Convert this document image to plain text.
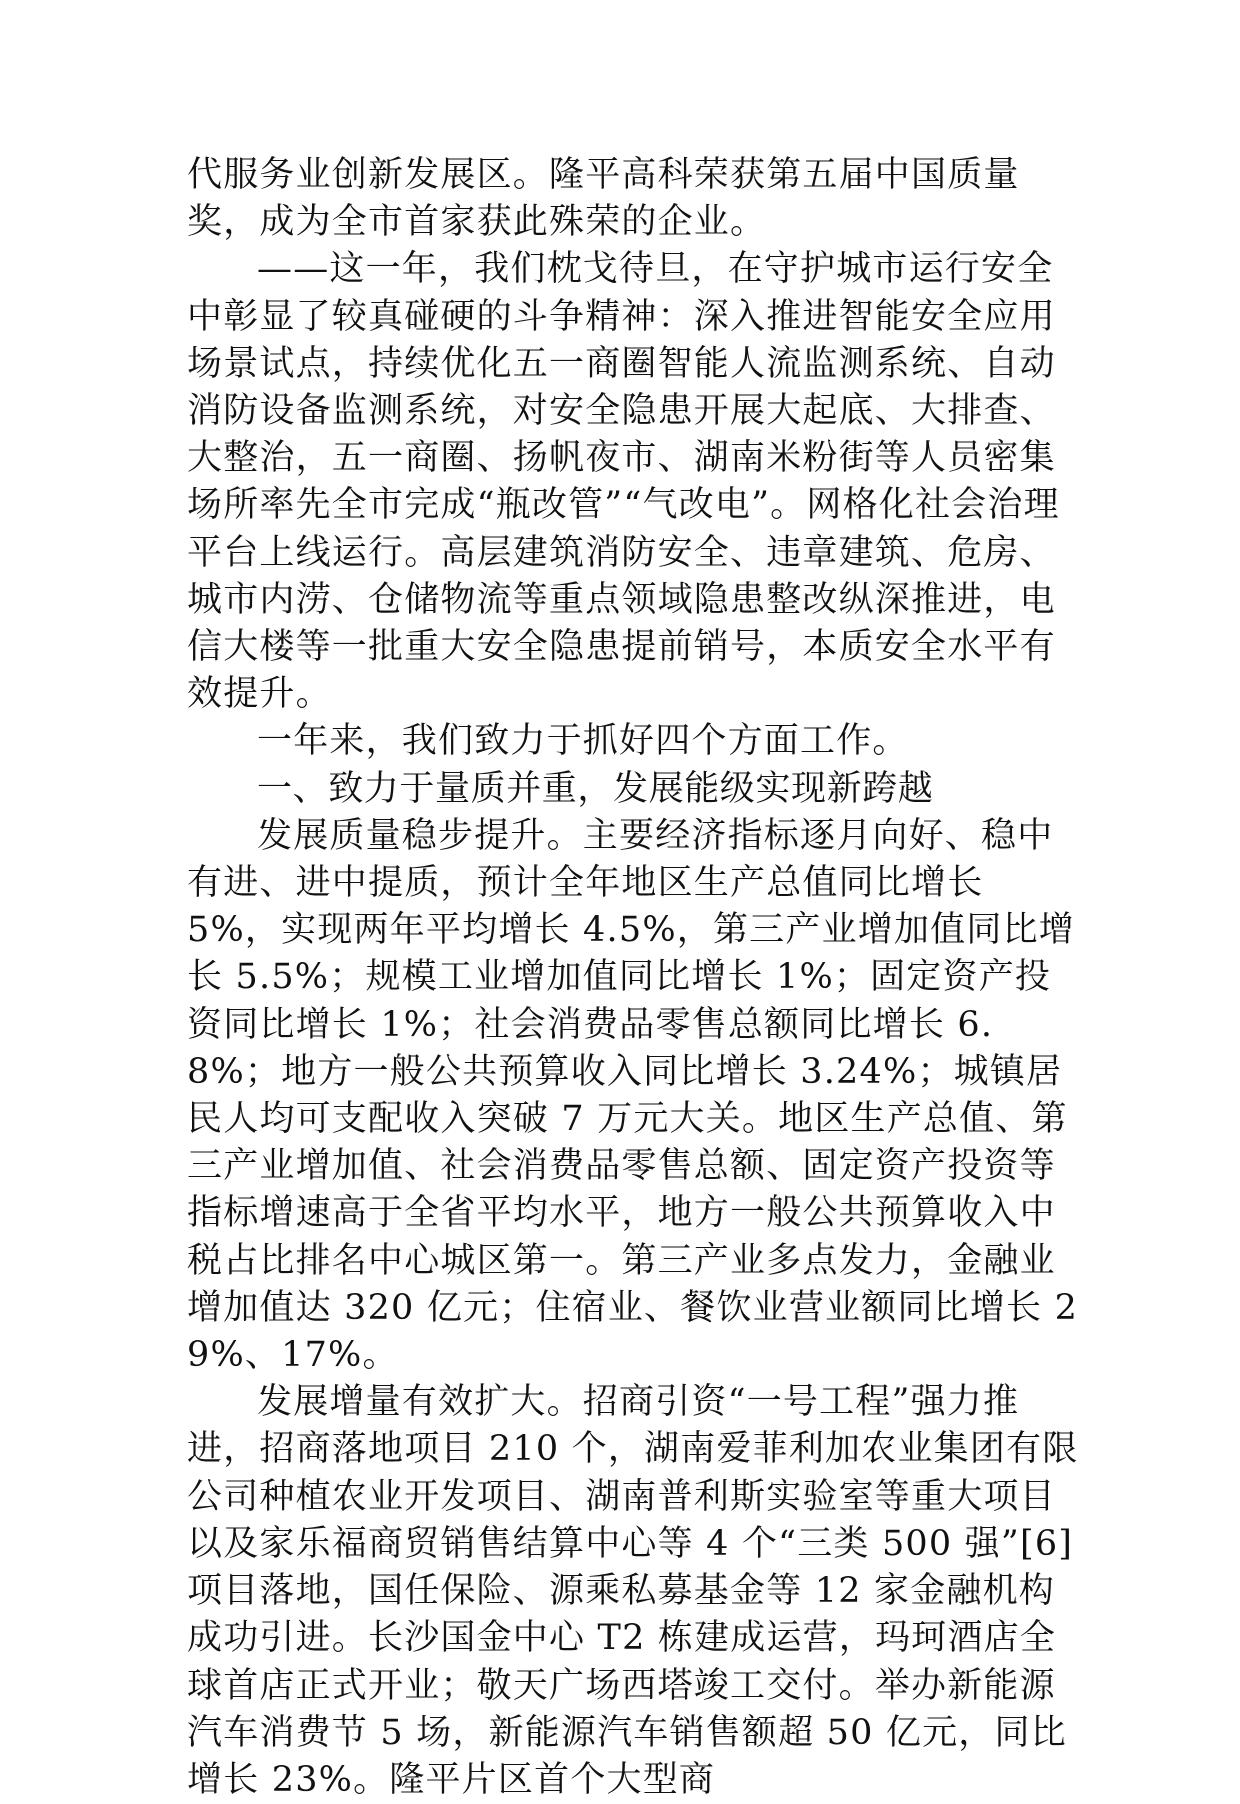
代服务业创新发展区。隆平高科荣获第五届中国质量奖，成为全市首家获此殊荣的企业。

——这一年，我们枕戈待旦，在守护城市运行安全中彰显了较真碰硬的斗争精神：深入推进智能安全应用场景试点，持续优化五一商圈智能人流监测系统、自动消防设备监测系统，对安全隐患开展大起底、大排查、大整治，五一商圈、扬帆夜市、湖南米粉街等人员密集场所率先全市完成“瓶改管”“气改电”。网格化社会治理平台上线运行。高层建筑消防安全、违章建筑、危房、城市内涝、仓储物流等重点领域隐患整改纵深推进，电信大楼等一批重大安全隐患提前销号，本质安全水平有效提升。

一年来，我们致力于抓好四个方面工作。

一、致力于量质并重，发展能级实现新跨越

发展质量稳步提升。主要经济指标逐月向好、稳中有进、进中提质，预计全年地区生产总值同比增长 5%，实现两年平均增长 4.5%，第三产业增加值同比增长 5.5%；规模工业增加值同比增长 1%；固定资产投资同比增长 1%；社会消费品零售总额同比增长 6.8%；地方一般公共预算收入同比增长 3.24%；城镇居民人均可支配收入突破 7 万元大关。地区生产总值、第三产业增加值、社会消费品零售总额、固定资产投资等指标增速高于全省平均水平，地方一般公共预算收入中税占比排名中心城区第一。第三产业多点发力，金融业增加值达 320 亿元；住宿业、餐饮业营业额同比增长 29%、17%。

发展增量有效扩大。招商引资“一号工程”强力推进，招商落地项目 210 个，湖南爱菲利加农业集团有限公司种植农业开发项目、湖南普利斯实验室等重大项目以及家乐福商贸销售结算中心等 4 个“三类 500 强”[6]项目落地，国任保险、源乘私募基金等 12 家金融机构成功引进。长沙国金中心 T2 栋建成运营，玛珂酒店全球首店正式开业；敬天广场西塔竣工交付。举办新能源汽车消费节 5 场，新能源汽车销售额超 50 亿元，同比增长 23%。隆平片区首个大型商
